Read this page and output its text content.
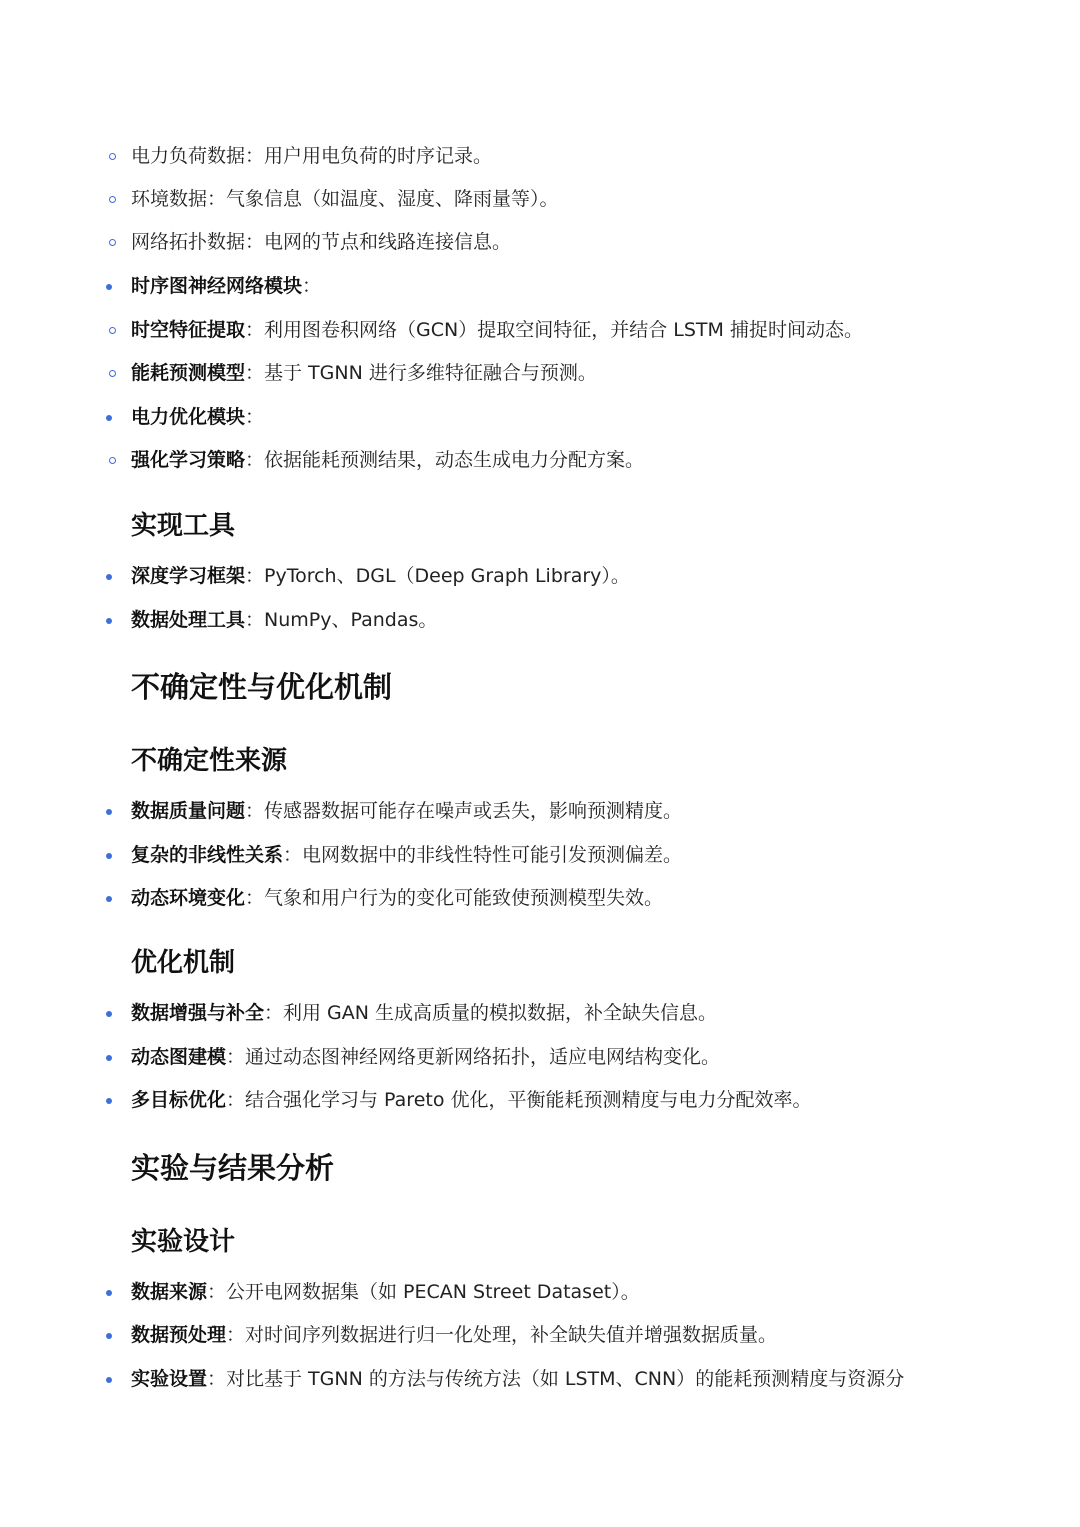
电力负荷数据：用户用电负荷的时序记录。
环境数据：气象信息（如温度、湿度、降雨量等）。
网络拓扑数据：电网的节点和线路连接信息。
时序图神经网络模块：
时空特征提取：利用图卷积网络（GCN）提取空间特征，并结合 LSTM 捕捉时间动态。
能耗预测模型：基于 TGNN 进行多维特征融合与预测。
电力优化模块：
强化学习策略：依据能耗预测结果，动态生成电力分配方案。
实现工具
深度学习框架：PyTorch、DGL（Deep Graph Library）。
数据处理工具：NumPy、Pandas。
不确定性与优化机制
不确定性来源
数据质量问题：传感器数据可能存在噪声或丢失，影响预测精度。
复杂的非线性关系：电网数据中的非线性特性可能引发预测偏差。
动态环境变化：气象和用户行为的变化可能致使预测模型失效。
优化机制
数据增强与补全：利用 GAN 生成高质量的模拟数据，补全缺失信息。
动态图建模：通过动态图神经网络更新网络拓扑，适应电网结构变化。
多目标优化：结合强化学习与 Pareto 优化，平衡能耗预测精度与电力分配效率。
实验与结果分析
实验设计
数据来源：公开电网数据集（如 PECAN Street Dataset）。
数据预处理：对时间序列数据进行归一化处理，补全缺失值并增强数据质量。
实验设置：对比基于 TGNN 的方法与传统方法（如 LSTM、CNN）的能耗预测精度与资源分
